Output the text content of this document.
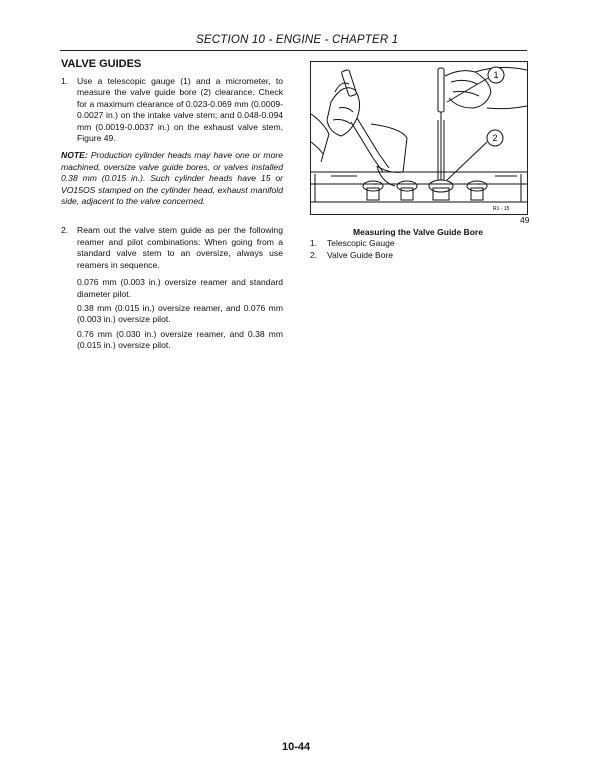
SECTION 10 - ENGINE - CHAPTER 1
VALVE GUIDES
1.	Use a telescopic gauge (1) and a micrometer, to measure the valve guide bore (2) clearance. Check for a maximum clearance of 0.023-0.069 mm (0.0009-0.0027 in.) on the intake valve stem; and 0.048-0.094 mm (0.0019-0.0037 in.) on the exhaust valve stem, Figure 49.
NOTE: Production cylinder heads may have one or more machined, oversize valve guide bores, or valves installed 0.38 mm (0.015 in.). Such cylinder heads have 15 or VO15OS stamped on the cylinder head, exhaust manifold side, adjacent to the valve concerned.
2.	Ream out the valve stem guide as per the following reamer and pilot combinations: When going from a standard valve stem to an oversize, always use reamers in sequence.
0.076 mm (0.003 in.) oversize reamer and standard diameter pilot.
0.38 mm (0.015 in.) oversize reamer, and 0.076 mm (0.003 in.) oversize pilot.
0.76 mm (0.030 in.) oversize reamer, and 0.38 mm (0.015 in.) oversize pilot.
1
2
R1 - 15
49
Measuring the Valve Guide Bore
1.	Telescopic Gauge
2.	Valve Guide Bore
10-44
